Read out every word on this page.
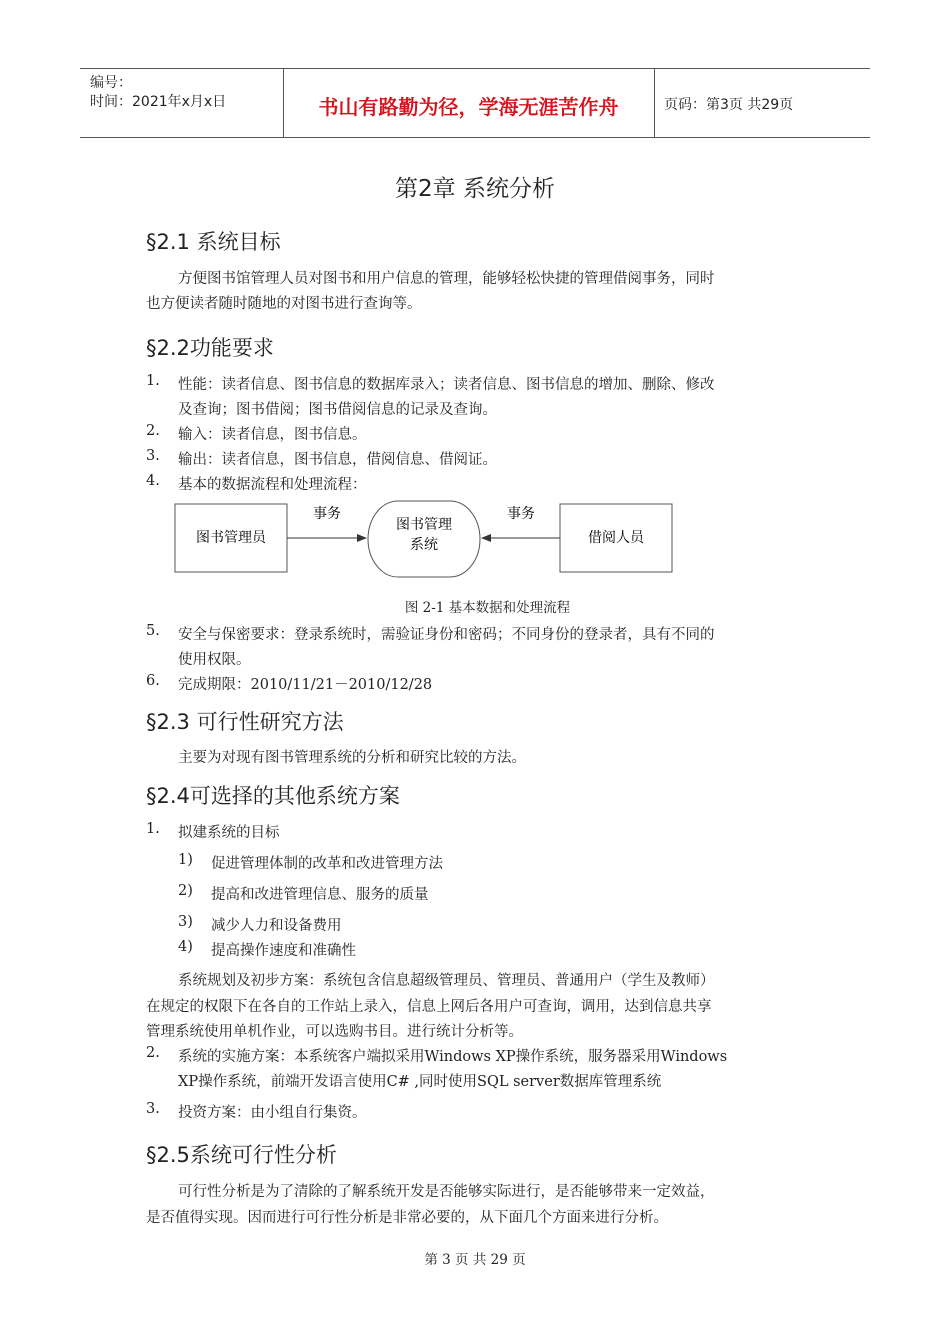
编号：
时间：2021年x月x日	书山有路勤为径，学海无涯苦作舟	页码：第3页 共29页
第2章 系统分析
§2.1 系统目标
方便图书馆管理人员对图书和用户信息的管理，能够轻松快捷的管理借阅事务，同时
也方便读者随时随地的对图书进行查询等。
§2.2功能要求
1. 性能：读者信息、图书信息的数据库录入；读者信息、图书信息的增加、删除、修改
及查询；图书借阅；图书借阅信息的记录及查询。
2. 输入：读者信息，图书信息。
3. 输出：读者信息，图书信息，借阅信息、借阅证。
4. 基本的数据流程和处理流程：
图书管理员
事务
图书管理
系统
事务
借阅人员
图 2-1 基本数据和处理流程
5. 安全与保密要求：登录系统时，需验证身份和密码；不同身份的登录者，具有不同的
使用权限。
6. 完成期限：2010/11/21－2010/12/28
§2.3 可行性研究方法
主要为对现有图书管理系统的分析和研究比较的方法。
§2.4可选择的其他系统方案
1. 拟建系统的目标
1) 促进管理体制的改革和改进管理方法
2) 提高和改进管理信息、服务的质量
3) 减少人力和设备费用
4) 提高操作速度和准确性
系统规划及初步方案：系统包含信息超级管理员、管理员、普通用户（学生及教师）
在规定的权限下在各自的工作站上录入，信息上网后各用户可查询，调用，达到信息共享
管理系统使用单机作业，可以选购书目。进行统计分析等。
2. 系统的实施方案：本系统客户端拟采用Windows XP操作系统，服务器采用Windows
XP操作系统，前端开发语言使用C# ,同时使用SQL server数据库管理系统
3. 投资方案：由小组自行集资。
§2.5系统可行性分析
可行性分析是为了清除的了解系统开发是否能够实际进行，是否能够带来一定效益，
是否值得实现。因而进行可行性分析是非常必要的，从下面几个方面来进行分析。
第 3 页 共 29 页
